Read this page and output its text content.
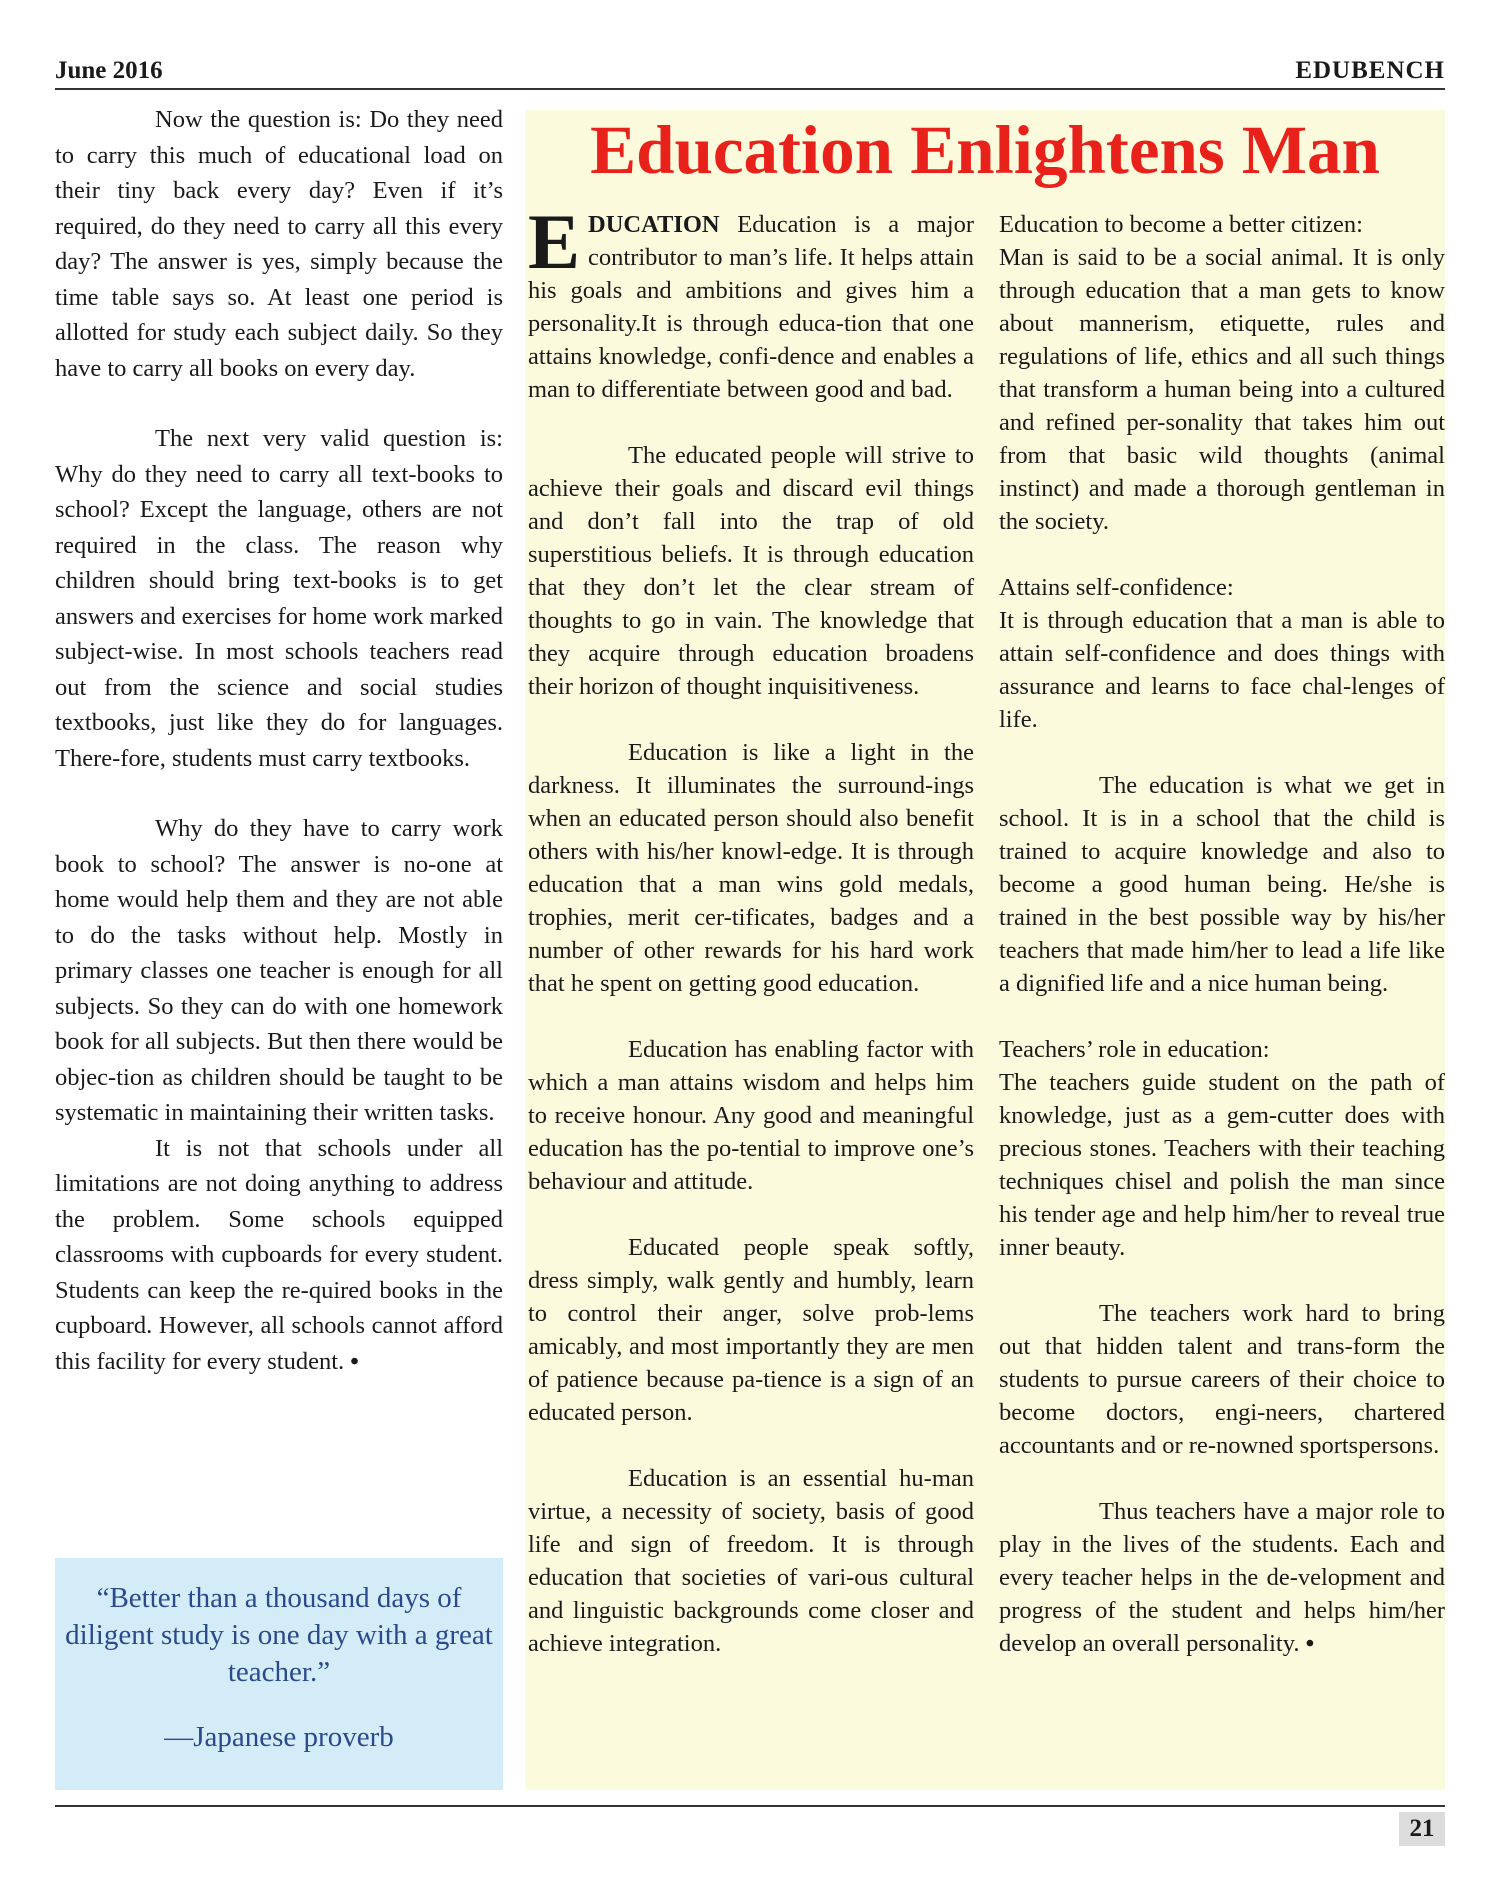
June 2016	EDUBENCH

Now the question is: Do they need to carry this much of educational load on their tiny back every day? Even if it’s required, do they need to carry all this every day? The answer is yes, simply because the time table says so. At least one period is allotted for study each subject daily. So they have to carry all books on every day.

The next very valid question is: Why do they need to carry all text-books to school? Except the language, others are not required in the class. The reason why children should bring text-books is to get answers and exercises for home work marked subject-wise. In most schools teachers read out from the science and social studies textbooks, just like they do for languages. There-fore, students must carry textbooks.

Why do they have to carry work book to school? The answer is no-one at home would help them and they are not able to do the tasks without help. Mostly in primary classes one teacher is enough for all subjects. So they can do with one homework book for all subjects. But then there would be objec-tion as children should be taught to be systematic in maintaining their written tasks.

It is not that schools under all limitations are not doing anything to address the problem. Some schools equipped classrooms with cupboards for every student. Students can keep the re-quired books in the cupboard. However, all schools cannot afford this facility for every student. •

“Better than a thousand days of diligent study is one day with a great teacher.”
—Japanese proverb
Education Enlightens Man

EDUCATION Education is a major contributor to man’s life. It helps attain his goals and ambitions and gives him a personality.It is through educa-tion that one attains knowledge, confi-dence and enables a man to differentiate between good and bad.

The educated people will strive to achieve their goals and discard evil things and don’t fall into the trap of old superstitious beliefs. It is through education that they don’t let the clear stream of thoughts to go in vain. The knowledge that they acquire through education broadens their horizon of thought inquisitiveness.

Education is like a light in the darkness. It illuminates the surround-ings when an educated person should also benefit others with his/her knowl-edge. It is through education that a man wins gold medals, trophies, merit cer-tificates, badges and a number of other rewards for his hard work that he spent on getting good education.

Education has enabling factor with which a man attains wisdom and helps him to receive honour. Any good and meaningful education has the po-tential to improve one’s behaviour and attitude.

Educated people speak softly, dress simply, walk gently and humbly, learn to control their anger, solve prob-lems amicably, and most importantly they are men of patience because pa-tience is a sign of an educated person.

Education is an essential hu-man virtue, a necessity of society, basis of good life and sign of freedom. It is through education that societies of vari-ous cultural and linguistic backgrounds come closer and achieve integration.

Education to become a better citizen:

Man is said to be a social animal. It is only through education that a man gets to know about mannerism, etiquette, rules and regulations of life, ethics and all such things that transform a human being into a cultured and refined per-sonality that takes him out from that basic wild thoughts (animal instinct) and made a thorough gentleman in the society.

Attains self-confidence:

It is through education that a man is able to attain self-confidence and does things with assurance and learns to face chal-lenges of life.

The education is what we get in school. It is in a school that the child is trained to acquire knowledge and also to become a good human being. He/she is trained in the best possible way by his/her teachers that made him/her to lead a life like a dignified life and a nice human being.

Teachers’ role in education:

The teachers guide student on the path of knowledge, just as a gem-cutter does with precious stones. Teachers with their teaching techniques chisel and polish the man since his tender age and help him/her to reveal true inner beauty.

The teachers work hard to bring out that hidden talent and trans-form the students to pursue careers of their choice to become doctors, engi-neers, chartered accountants and or re-nowned sportspersons.

Thus teachers have a major role to play in the lives of the students. Each and every teacher helps in the de-velopment and progress of the student and helps him/her develop an overall personality. •

21
